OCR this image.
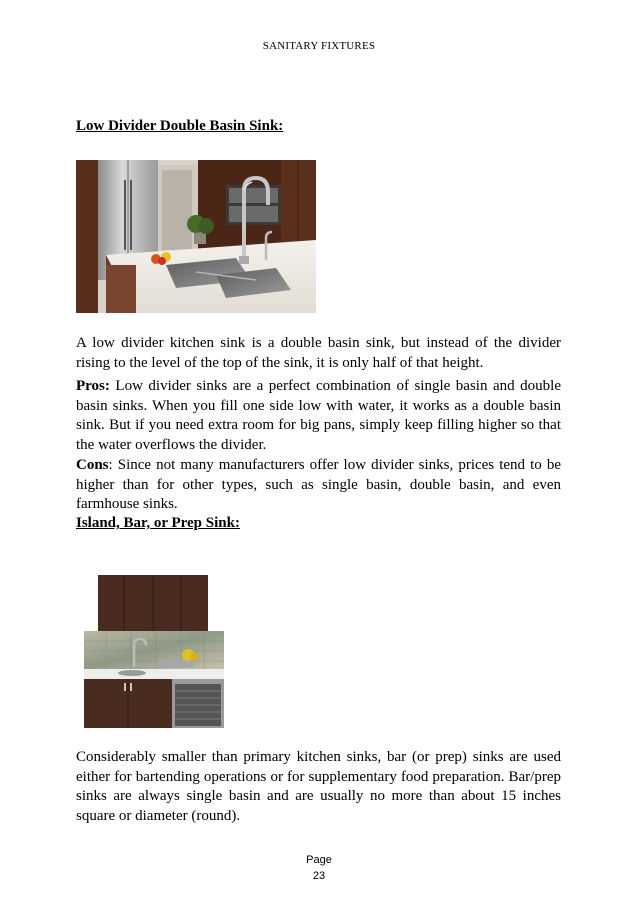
SANITARY FIXTURES
Low Divider Double Basin Sink:

A low divider kitchen sink is a double basin sink, but instead of the divider rising to the level of the top of the sink, it is only half of that height.

Pros: Low divider sinks are a perfect combination of single basin and double basin sinks. When you fill one side low with water, it works as a double basin sink. But if you need extra room for big pans, simply keep filling higher so that the water overflows the divider.

Cons: Since not many manufacturers offer low divider sinks, prices tend to be higher than for other types, such as single basin, double basin, and even farmhouse sinks.

Island, Bar, or Prep Sink:

Considerably smaller than primary kitchen sinks, bar (or prep) sinks are used either for bartending operations or for supplementary food preparation. Bar/prep sinks are always single basin and are usually no more than about 15 inches square or diameter (round).

Page
23
